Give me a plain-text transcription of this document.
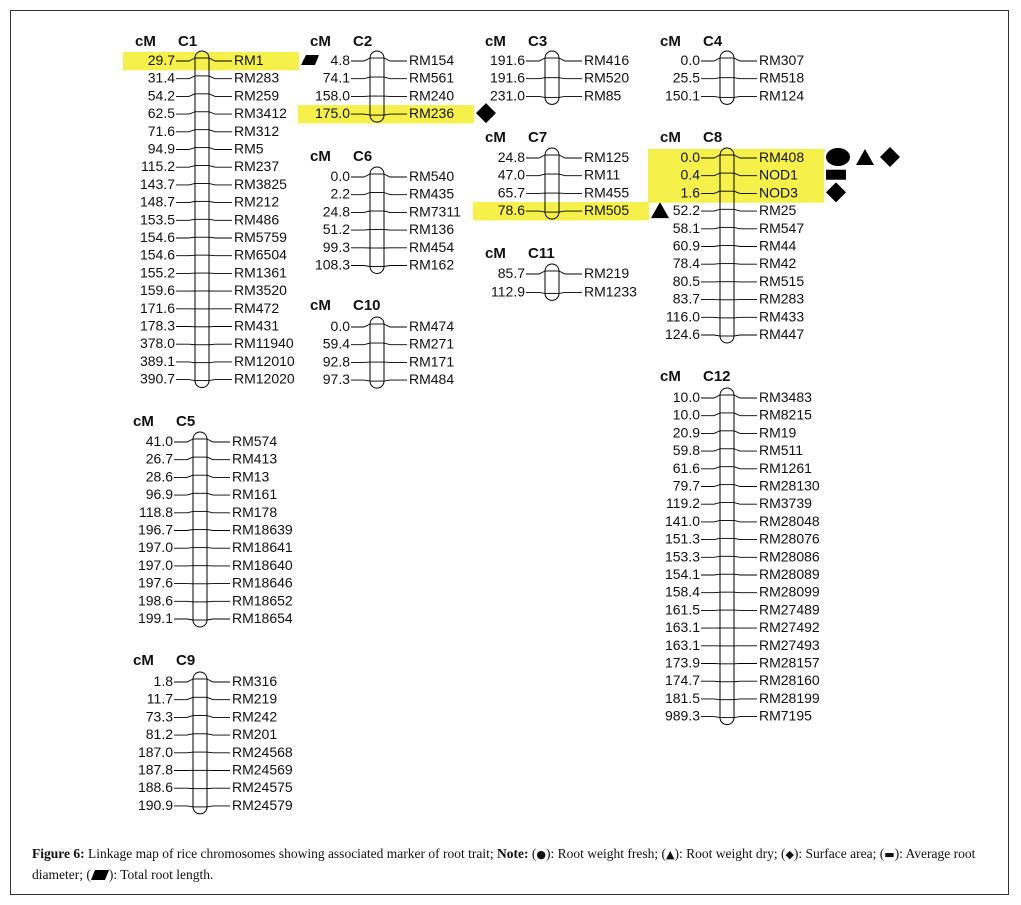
cM C1
29.7	RM1
31.4	RM283
54.2	RM259
62.5	RM3412
71.6	RM312
94.9	RM5
115.2	RM237
143.7	RM3825
148.7	RM212
153.5	RM486
154.6	RM5759
154.6	RM6504
155.2	RM1361
159.6	RM3520
171.6	RM472
178.3	RM431
378.0	RM11940
389.1	RM12010
390.7	RM12020
cM C2
4.8	RM154
74.1	RM561
158.0	RM240
175.0	RM236
cM C3
191.6	RM416
191.6	RM520
231.0	RM85
cM C4
0.0	RM307
25.5	RM518
150.1	RM124
cM C5
41.0	RM574
26.7	RM413
28.6	RM13
96.9	RM161
118.8	RM178
196.7	RM18639
197.0	RM18641
197.0	RM18640
197.6	RM18646
198.6	RM18652
199.1	RM18654
cM C6
0.0	RM540
2.2	RM435
24.8	RM7311
51.2	RM136
99.3	RM454
108.3	RM162
cM C7
24.8	RM125
47.0	RM11
65.7	RM455
78.6	RM505
cM C8
0.0	RM408
0.4	NOD1
1.6	NOD3
52.2	RM25
58.1	RM547
60.9	RM44
78.4	RM42
80.5	RM515
83.7	RM283
116.0	RM433
124.6	RM447
cM C9
1.8	RM316
11.7	RM219
73.3	RM242
81.2	RM201
187.0	RM24568
187.8	RM24569
188.6	RM24575
190.9	RM24579
cM C10
0.0	RM474
59.4	RM271
92.8	RM171
97.3	RM484
cM C11
85.7	RM219
112.9	RM1233
cM C12
10.0	RM3483
10.0	RM8215
20.9	RM19
59.8	RM511
61.6	RM1261
79.7	RM28130
119.2	RM3739
141.0	RM28048
151.3	RM28076
153.3	RM28086
154.1	RM28089
158.4	RM28099
161.5	RM27489
163.1	RM27492
163.1	RM27493
173.9	RM28157
174.7	RM28160
181.5	RM28199
989.3	RM7195
Figure 6: Linkage map of rice chromosomes showing associated marker of root trait; Note: (●): Root weight fresh; (▲): Root weight dry; (◆): Surface area; (▬): Average root diameter; ( ): Total root length.
